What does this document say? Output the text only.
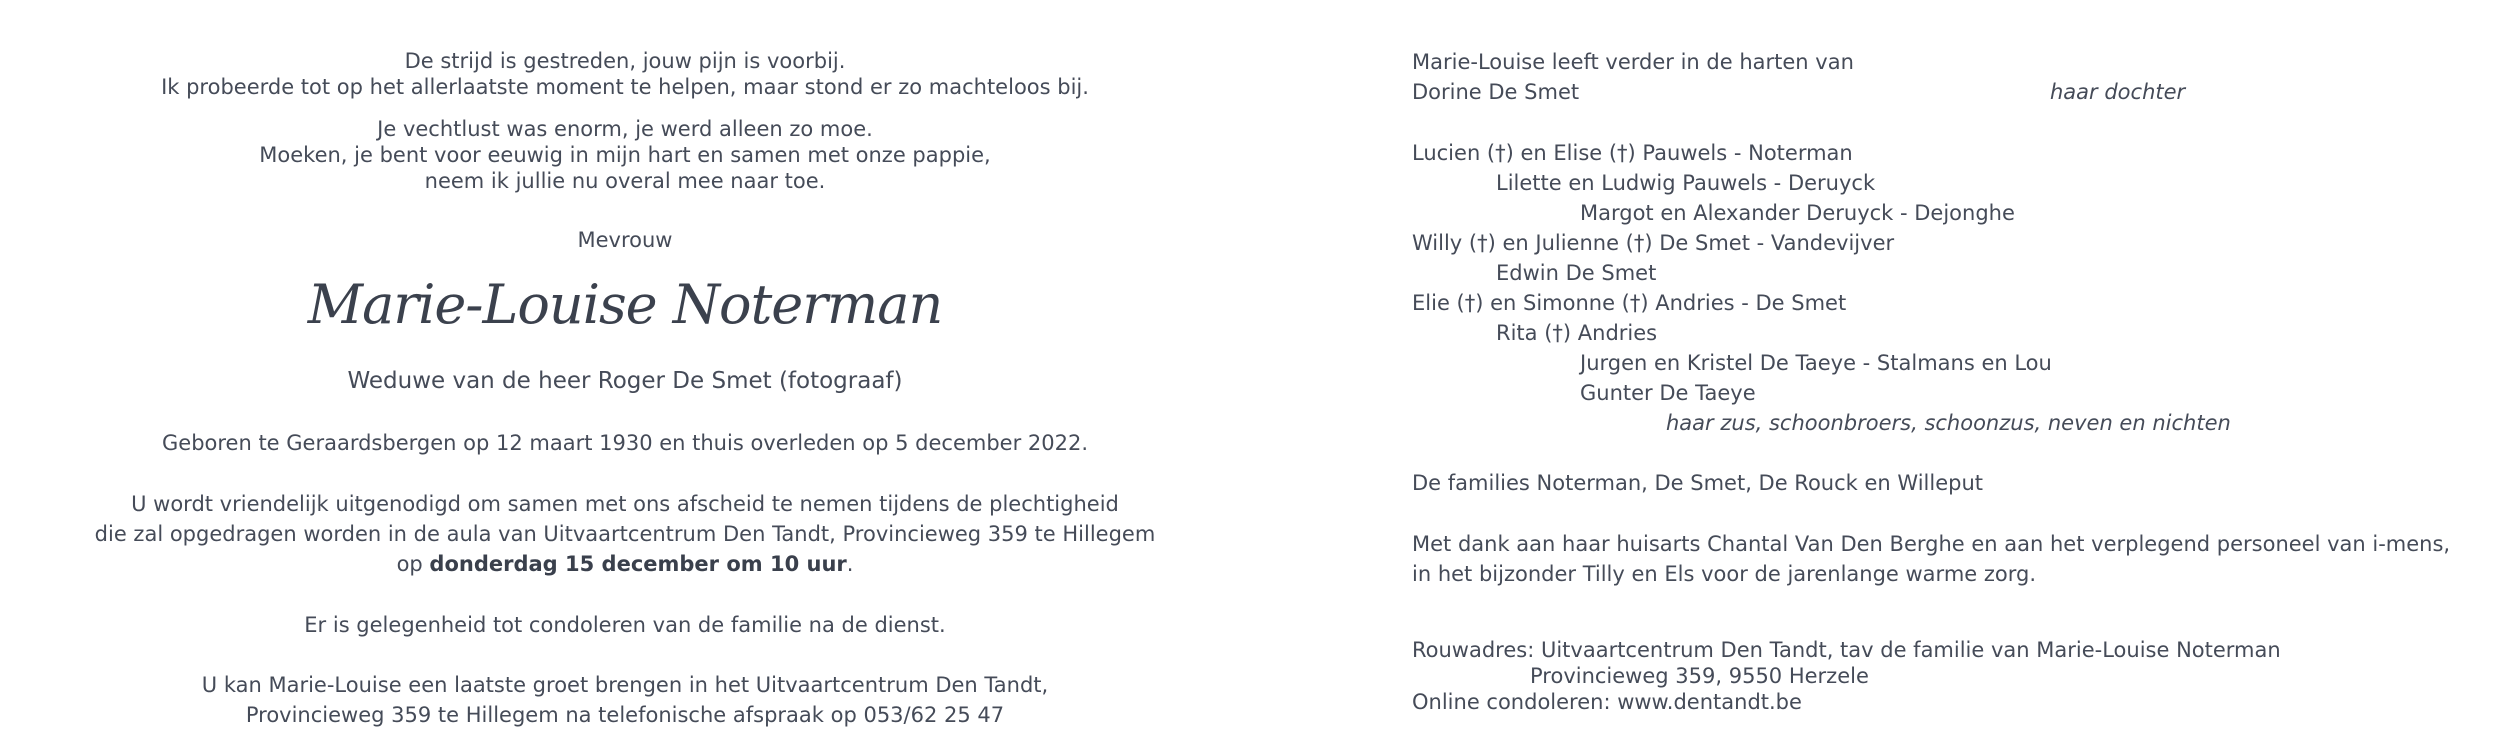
De strijd is gestreden, jouw pijn is voorbij.
Ik probeerde tot op het allerlaatste moment te helpen, maar stond er zo machteloos bij.
Je vechtlust was enorm, je werd alleen zo moe.
Moeken, je bent voor eeuwig in mijn hart en samen met onze pappie,
neem ik jullie nu overal mee naar toe.
Mevrouw
Marie-Louise Noterman
Weduwe van de heer Roger De Smet (fotograaf)
Geboren te Geraardsbergen op 12 maart 1930 en thuis overleden op 5 december 2022.
U wordt vriendelijk uitgenodigd om samen met ons afscheid te nemen tijdens de plechtigheid
die zal opgedragen worden in de aula van Uitvaartcentrum Den Tandt, Provincieweg 359 te Hillegem
op donderdag 15 december om 10 uur.
Er is gelegenheid tot condoleren van de familie na de dienst.
U kan Marie-Louise een laatste groet brengen in het Uitvaartcentrum Den Tandt,
Provincieweg 359 te Hillegem na telefonische afspraak op 053/62 25 47
Marie-Louise leeft verder in de harten van
Dorine De Smet	haar dochter
Lucien (†) en Elise (†) Pauwels - Noterman
Lilette en Ludwig Pauwels - Deruyck
Margot en Alexander Deruyck - Dejonghe
Willy (†) en Julienne (†) De Smet - Vandevijver
Edwin De Smet
Elie (†) en Simonne (†) Andries - De Smet
Rita (†) Andries
Jurgen en Kristel De Taeye - Stalmans en Lou
Gunter De Taeye
haar zus, schoonbroers, schoonzus, neven en nichten
De families Noterman, De Smet, De Rouck en Willeput
Met dank aan haar huisarts Chantal Van Den Berghe en aan het verplegend personeel van i-mens,
in het bijzonder Tilly en Els voor de jarenlange warme zorg.
Rouwadres: Uitvaartcentrum Den Tandt, tav de familie van Marie-Louise Noterman
Provincieweg 359, 9550 Herzele
Online condoleren: www.dentandt.be
